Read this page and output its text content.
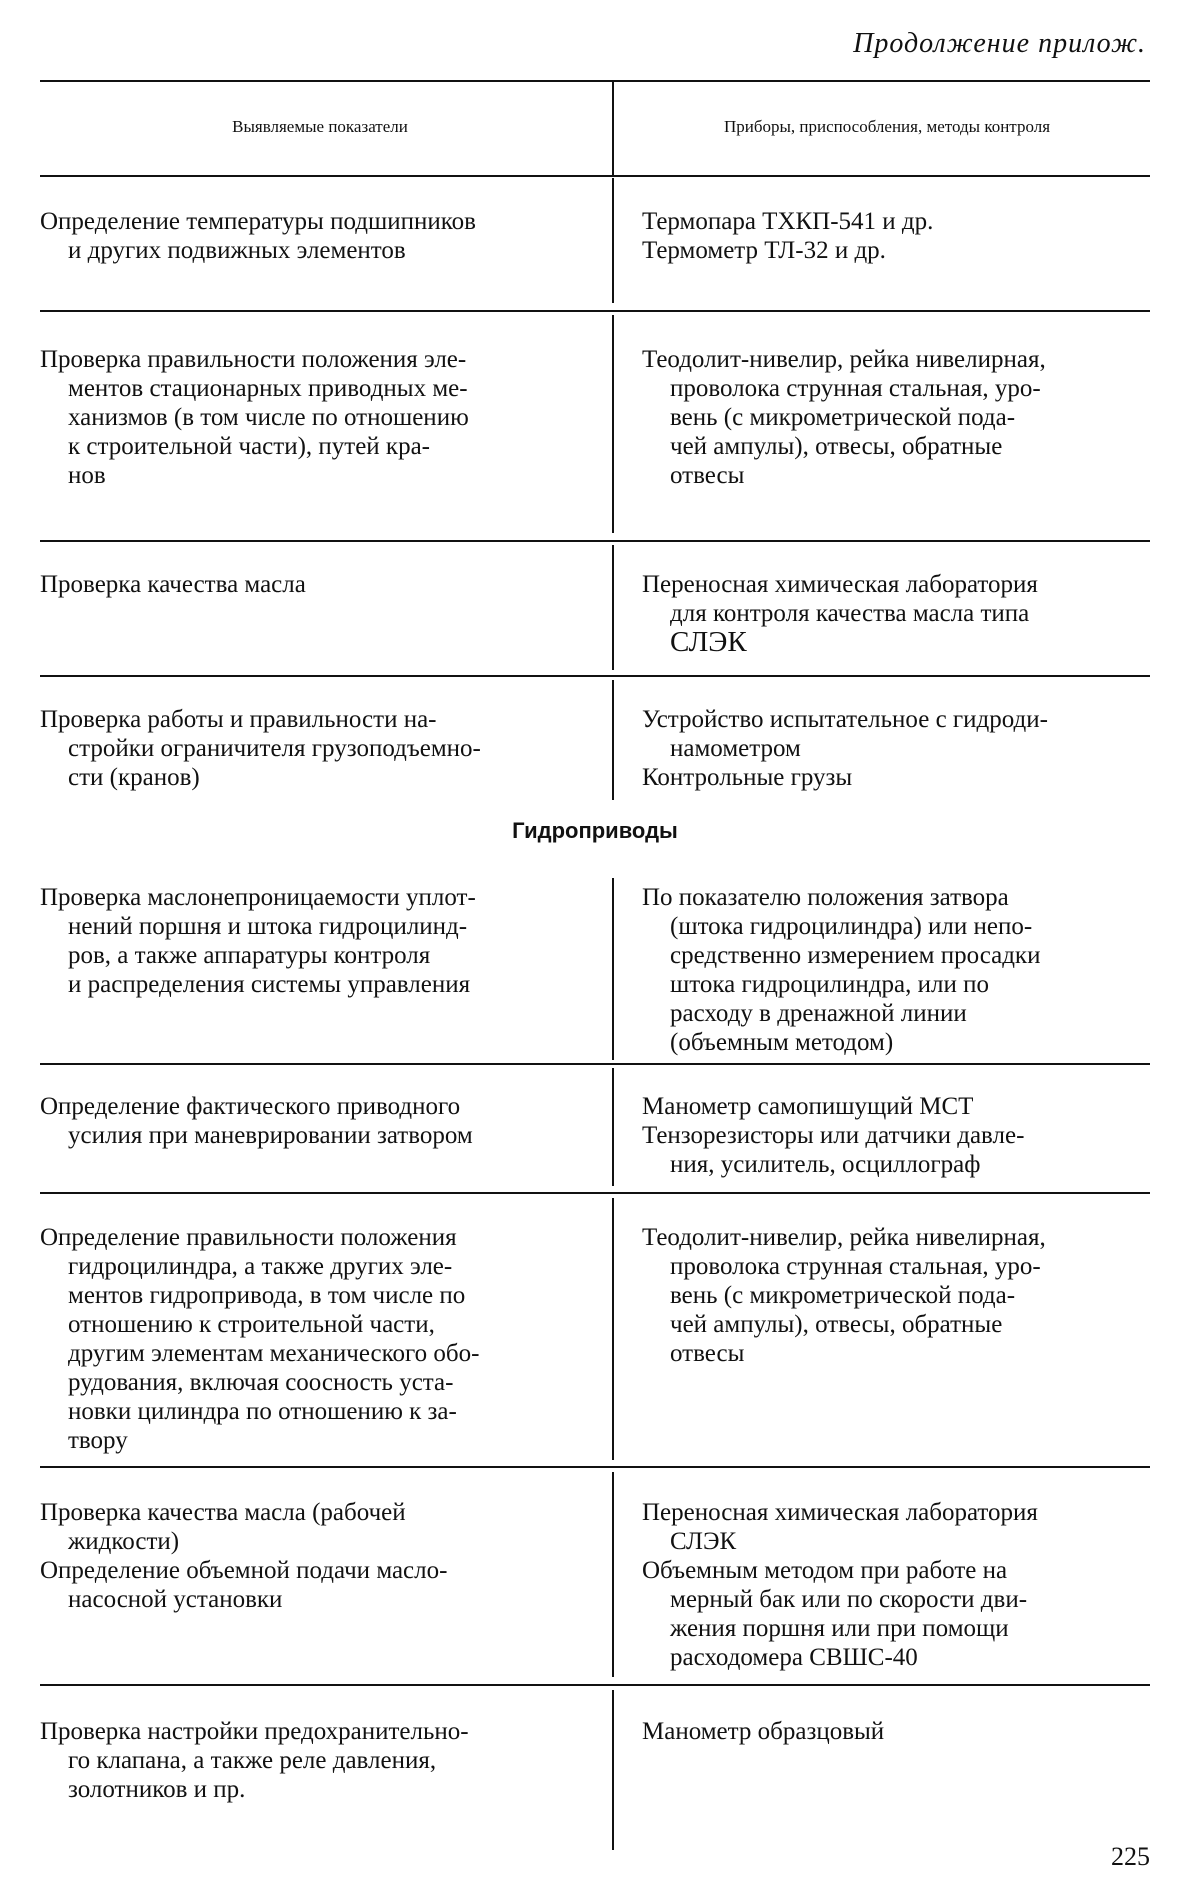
Продолжение прилож.
Выявляемые показатели	Приборы, приспособления, методы контроля
Определение температуры подшипников
и других подвижных элементов
Термопара ТХКП-541 и др.
Термометр ТЛ-32 и др.
Проверка правильности положения эле-
ментов стационарных приводных ме-
ханизмов (в том числе по отношению
к строительной части), путей кра-
нов
Теодолит-нивелир, рейка нивелирная,
проволока струнная стальная, уро-
вень (с микрометрической пода-
чей ампулы), отвесы, обратные
отвесы
Проверка качества масла	Переносная химическая лаборатория
для контроля качества масла типа
СЛЭК
Проверка работы и правильности на-
стройки ограничителя грузоподъемно-
сти (кранов)
Устройство испытательное с гидроди-
намометром
Контрольные грузы
Гидроприводы
Проверка маслонепроницаемости уплот-
нений поршня и штока гидроцилинд-
ров, а также аппаратуры контроля
и распределения системы управления
По показателю положения затвора
(штока гидроцилиндра) или непо-
средственно измерением просадки
штока гидроцилиндра, или по
расходу в дренажной линии
(объемным методом)
Определение фактического приводного
усилия при маневрировании затвором
Манометр самопишущий МСТ
Тензорезисторы или датчики давле-
ния, усилитель, осциллограф
Определение правильности положения
гидроцилиндра, а также других эле-
ментов гидропривода, в том числе по
отношению к строительной части,
другим элементам механического обо-
рудования, включая соосность уста-
новки цилиндра по отношению к за-
твору
Теодолит-нивелир, рейка нивелирная,
проволока струнная стальная, уро-
вень (с микрометрической пода-
чей ампулы), отвесы, обратные
отвесы
Проверка качества масла (рабочей
жидкости)
Определение объемной подачи масло-
насосной установки
Переносная химическая лаборатория
СЛЭК
Объемным методом при работе на
мерный бак или по скорости дви-
жения поршня или при помощи
расходомера СВШС-40
Проверка настройки предохранительно-
го клапана, а также реле давления,
золотников и пр.
Манометр образцовый
225
